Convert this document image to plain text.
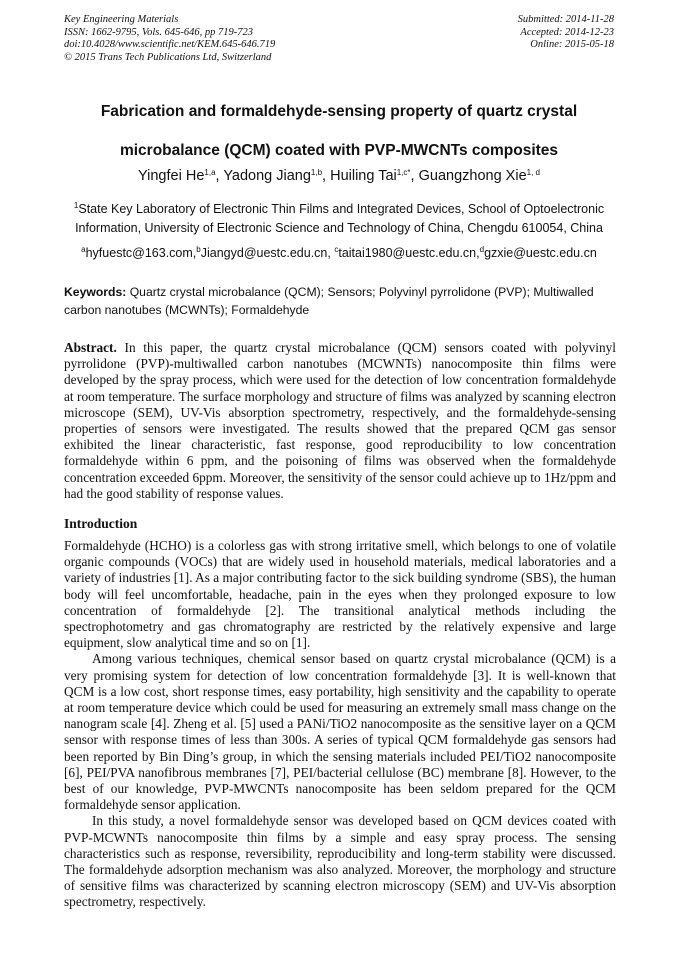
Key Engineering Materials
ISSN: 1662-9795, Vols. 645-646, pp 719-723
doi:10.4028/www.scientific.net/KEM.645-646.719
© 2015 Trans Tech Publications Ltd, Switzerland
Submitted: 2014-11-28
Accepted: 2014-12-23
Online: 2015-05-18
Fabrication and formaldehyde-sensing property of quartz crystal
microbalance (QCM) coated with PVP-MWCNTs composites
Yingfei He$^{1,a}$, Yadong Jiang$^{1,b}$, Huiling Tai$^{1,c*}$, Guangzhong Xie$^{1, d}$
$^1$State Key Laboratory of Electronic Thin Films and Integrated Devices, School of Optoelectronic
Information, University of Electronic Science and Technology of China, Chengdu 610054, China
$^a$hyfuestc@163.com,$^b$Jiangyd@uestc.edu.cn, $^c$taitai1980@uestc.edu.cn,$^d$gzxie@uestc.edu.cn
Keywords: Quartz crystal microbalance (QCM); Sensors; Polyvinyl pyrrolidone (PVP); Multiwalled carbon nanotubes (MCWNTs); Formaldehyde
Abstract. In this paper, the quartz crystal microbalance (QCM) sensors coated with polyvinyl pyrrolidone (PVP)-multiwalled carbon nanotubes (MCWNTs) nanocomposite thin films were developed by the spray process, which were used for the detection of low concentration formaldehyde at room temperature. The surface morphology and structure of films was analyzed by scanning electron microscope (SEM), UV-Vis absorption spectrometry, respectively, and the formaldehyde-sensing properties of sensors were investigated. The results showed that the prepared QCM gas sensor exhibited the linear characteristic, fast response, good reproducibility to low concentration formaldehyde within 6 ppm, and the poisoning of films was observed when the formaldehyde concentration exceeded 6ppm. Moreover, the sensitivity of the sensor could achieve up to 1Hz/ppm and had the good stability of response values.
Introduction

Formaldehyde (HCHO) is a colorless gas with strong irritative smell, which belongs to one of volatile organic compounds (VOCs) that are widely used in household materials, medical laboratories and a variety of industries [1]. As a major contributing factor to the sick building syndrome (SBS), the human body will feel uncomfortable, headache, pain in the eyes when they prolonged exposure to low concentration of formaldehyde [2]. The transitional analytical methods including the spectrophotometry and gas chromatography are restricted by the relatively expensive and large equipment, slow analytical time and so on [1].

Among various techniques, chemical sensor based on quartz crystal microbalance (QCM) is a very promising system for detection of low concentration formaldehyde [3]. It is well-known that QCM is a low cost, short response times, easy portability, high sensitivity and the capability to operate at room temperature device which could be used for measuring an extremely small mass change on the nanogram scale [4]. Zheng et al. [5] used a PANi/TiO2 nanocomposite as the sensitive layer on a QCM sensor with response times of less than 300s. A series of typical QCM formaldehyde gas sensors had been reported by Bin Ding’s group, in which the sensing materials included PEI/TiO2 nanocomposite [6], PEI/PVA nanofibrous membranes [7], PEI/bacterial cellulose (BC) membrane [8]. However, to the best of our knowledge, PVP-MWCNTs nanocomposite has been seldom prepared for the QCM formaldehyde sensor application.

In this study, a novel formaldehyde sensor was developed based on QCM devices coated with PVP-MCWNTs nanocomposite thin films by a simple and easy spray process. The sensing characteristics such as response, reversibility, reproducibility and long-term stability were discussed. The formaldehyde adsorption mechanism was also analyzed. Moreover, the morphology and structure of sensitive films was characterized by scanning electron microscopy (SEM) and UV-Vis absorption spectrometry, respectively.
